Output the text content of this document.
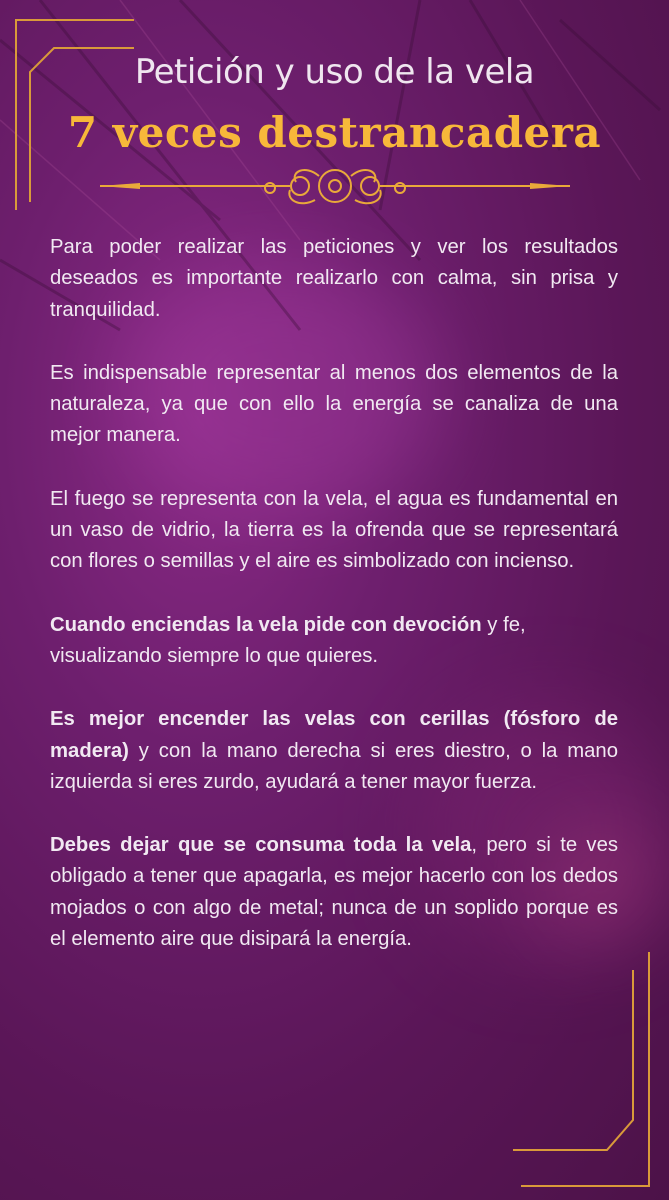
Petición y uso de la vela
7 veces destrancadera

Para poder realizar las peticiones y ver los resultados deseados es importante realizarlo con calma, sin prisa y tranquilidad.

Es indispensable representar al menos dos elementos de la naturaleza, ya que con ello la energía se canaliza de una mejor manera.

El fuego se representa con la vela, el agua es fundamental en un vaso de vidrio, la tierra es la ofrenda que se representará con flores o semillas y el aire es simbolizado con incienso.

Cuando enciendas la vela pide con devoción y fe, visualizando siempre lo que quieres.

Es mejor encender las velas con cerillas (fósforo de madera) y con la mano derecha si eres diestro, o la mano izquierda si eres zurdo, ayudará a tener mayor fuerza.

Debes dejar que se consuma toda la vela, pero si te ves obligado a tener que apagarla, es mejor hacerlo con los dedos mojados o con algo de metal; nunca de un soplido porque es el elemento aire que disipará la energía.
